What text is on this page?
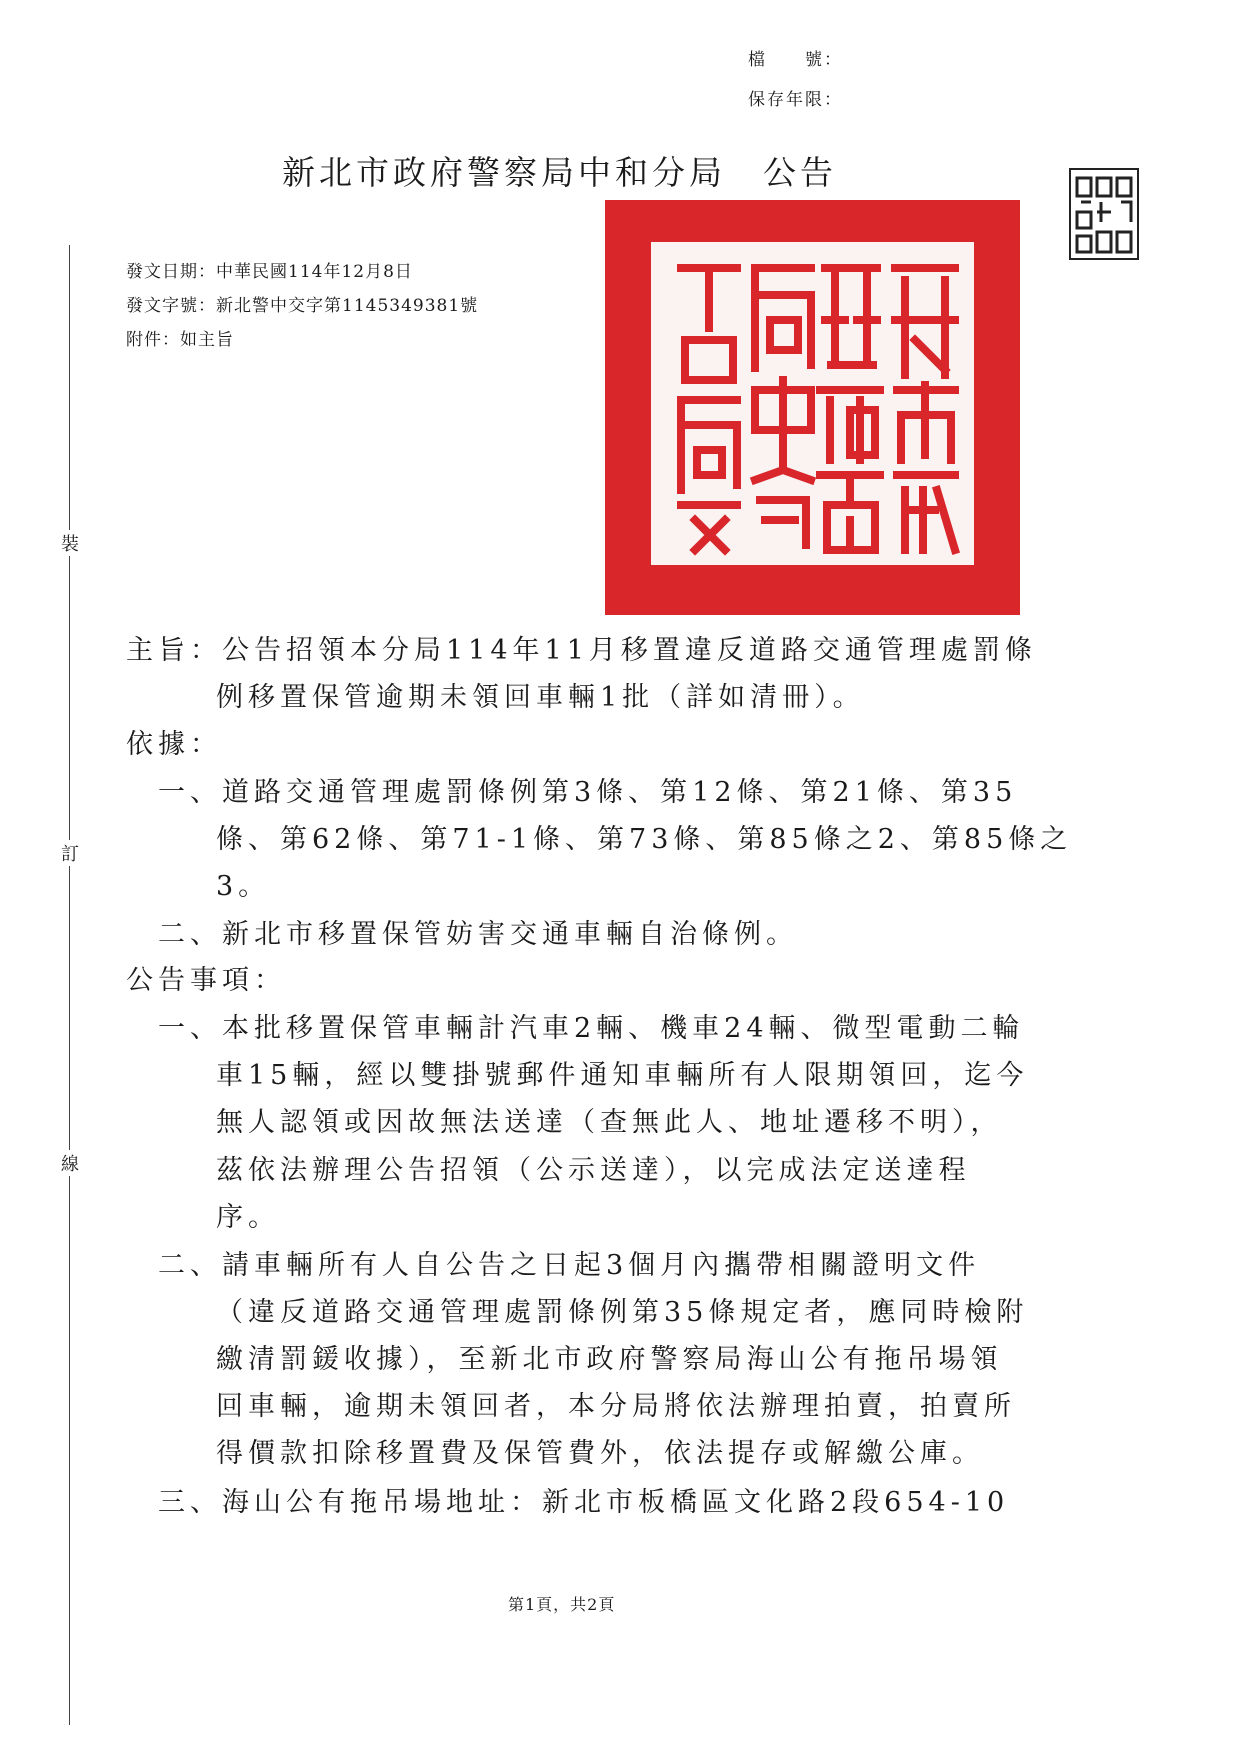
檔　　號：
保存年限：
新北市政府警察局中和分局　公告
發文日期：中華民國114年12月8日
發文字號：新北警中交字第1145349381號
附件：如主旨
裝
訂
線
主旨：公告招領本分局114年11月移置違反道路交通管理處罰條
例移置保管逾期未領回車輛1批（詳如清冊）。
依據：
一、道路交通管理處罰條例第3條、第12條、第21條、第35
條、第62條、第71-1條、第73條、第85條之2、第85條之
3。
二、新北市移置保管妨害交通車輛自治條例。
公告事項：
一、本批移置保管車輛計汽車2輛、機車24輛、微型電動二輪
車15輛，經以雙掛號郵件通知車輛所有人限期領回，迄今
無人認領或因故無法送達（查無此人、地址遷移不明），
茲依法辦理公告招領（公示送達），以完成法定送達程
序。
二、請車輛所有人自公告之日起3個月內攜帶相關證明文件
（違反道路交通管理處罰條例第35條規定者，應同時檢附
繳清罰鍰收據），至新北市政府警察局海山公有拖吊場領
回車輛，逾期未領回者，本分局將依法辦理拍賣，拍賣所
得價款扣除移置費及保管費外，依法提存或解繳公庫。
三、海山公有拖吊場地址：新北市板橋區文化路2段654-10
第1頁，共2頁
